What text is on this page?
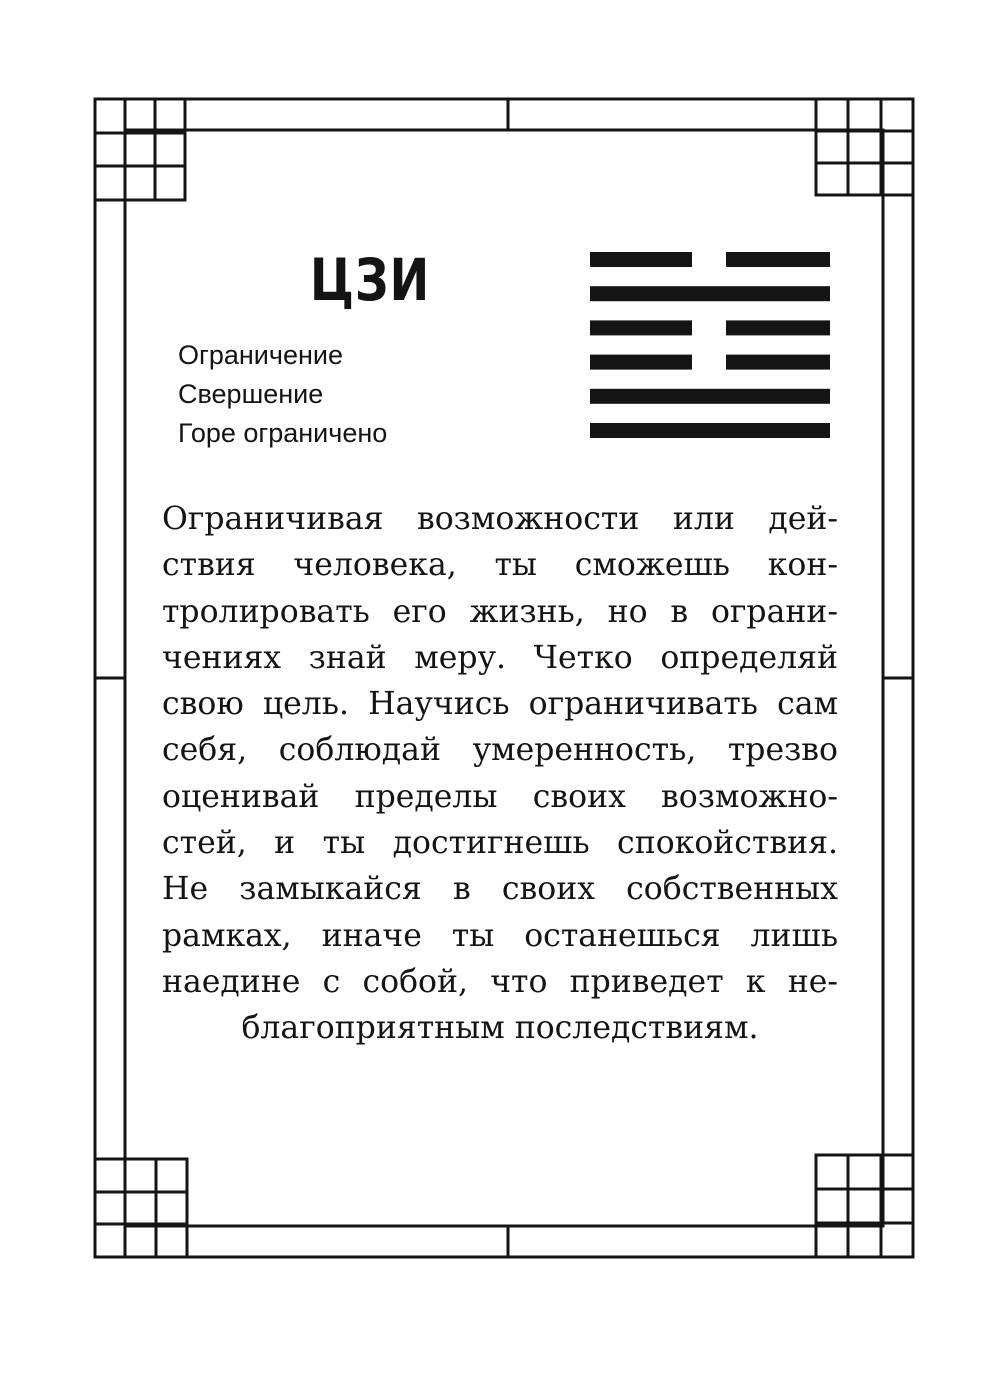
ЦЗИ
Ограничение
Свершение
Горе ограничено
Ограничивая возможности или дей-
ствия человека, ты сможешь кон-
тролировать его жизнь, но в ограни-
чениях знай меру. Четко определяй
свою цель. Научись ограничивать сам
себя, соблюдай умеренность, трезво
оценивай пределы своих возможно-
стей, и ты достигнешь спокойствия.
Не замыкайся в своих собственных
рамках, иначе ты останешься лишь
наедине с собой, что приведет к не-
благоприятным последствиям.
